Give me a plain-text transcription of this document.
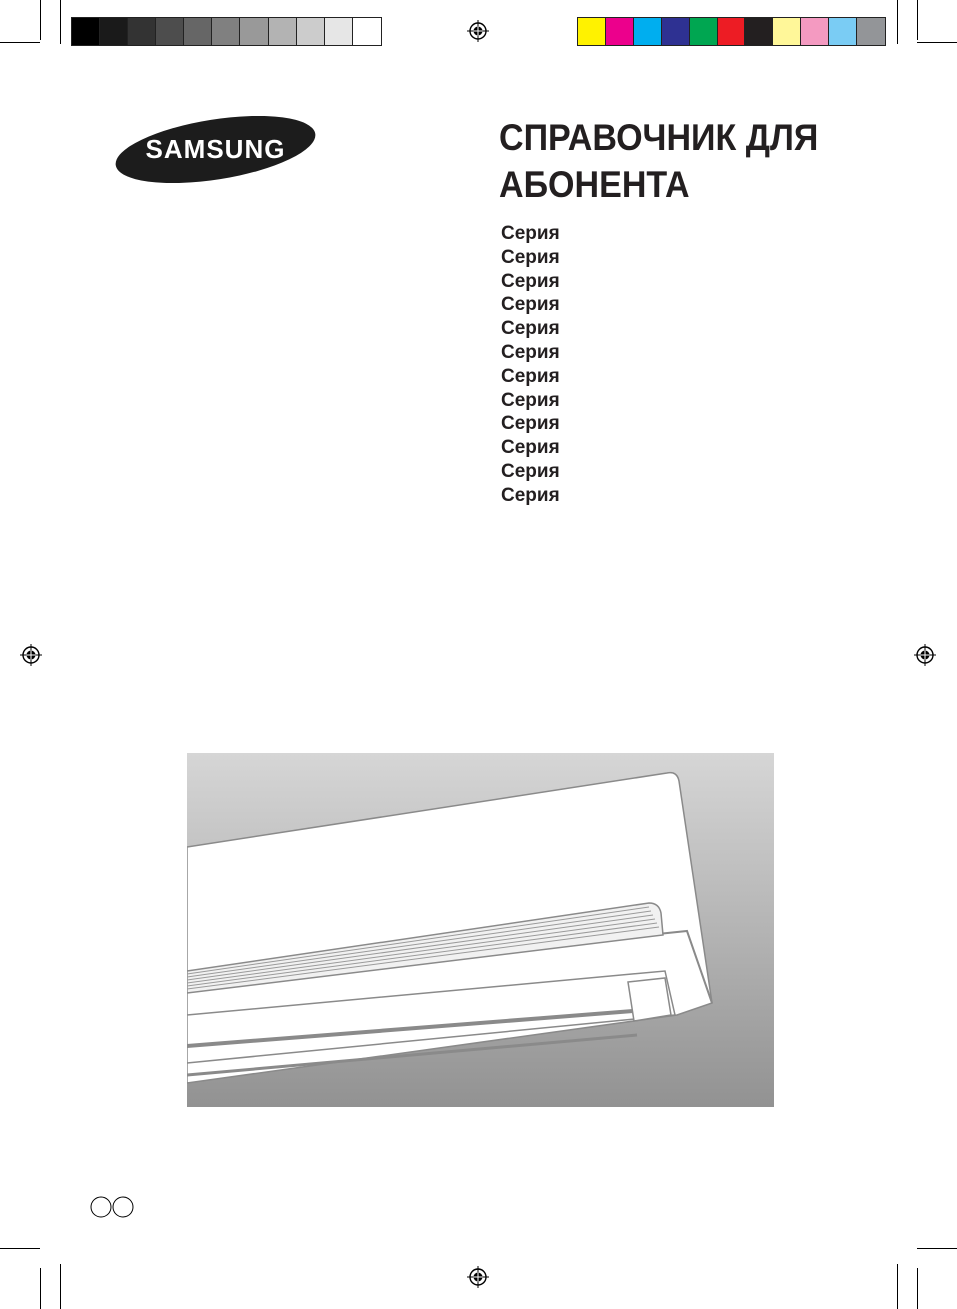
SAMSUNG	СПРАВОЧНИК ДЛЯ
АБОНЕНТА
Серия
Серия
Серия
Серия
Серия
Серия
Серия
Серия
Серия
Серия
Серия
Серия
